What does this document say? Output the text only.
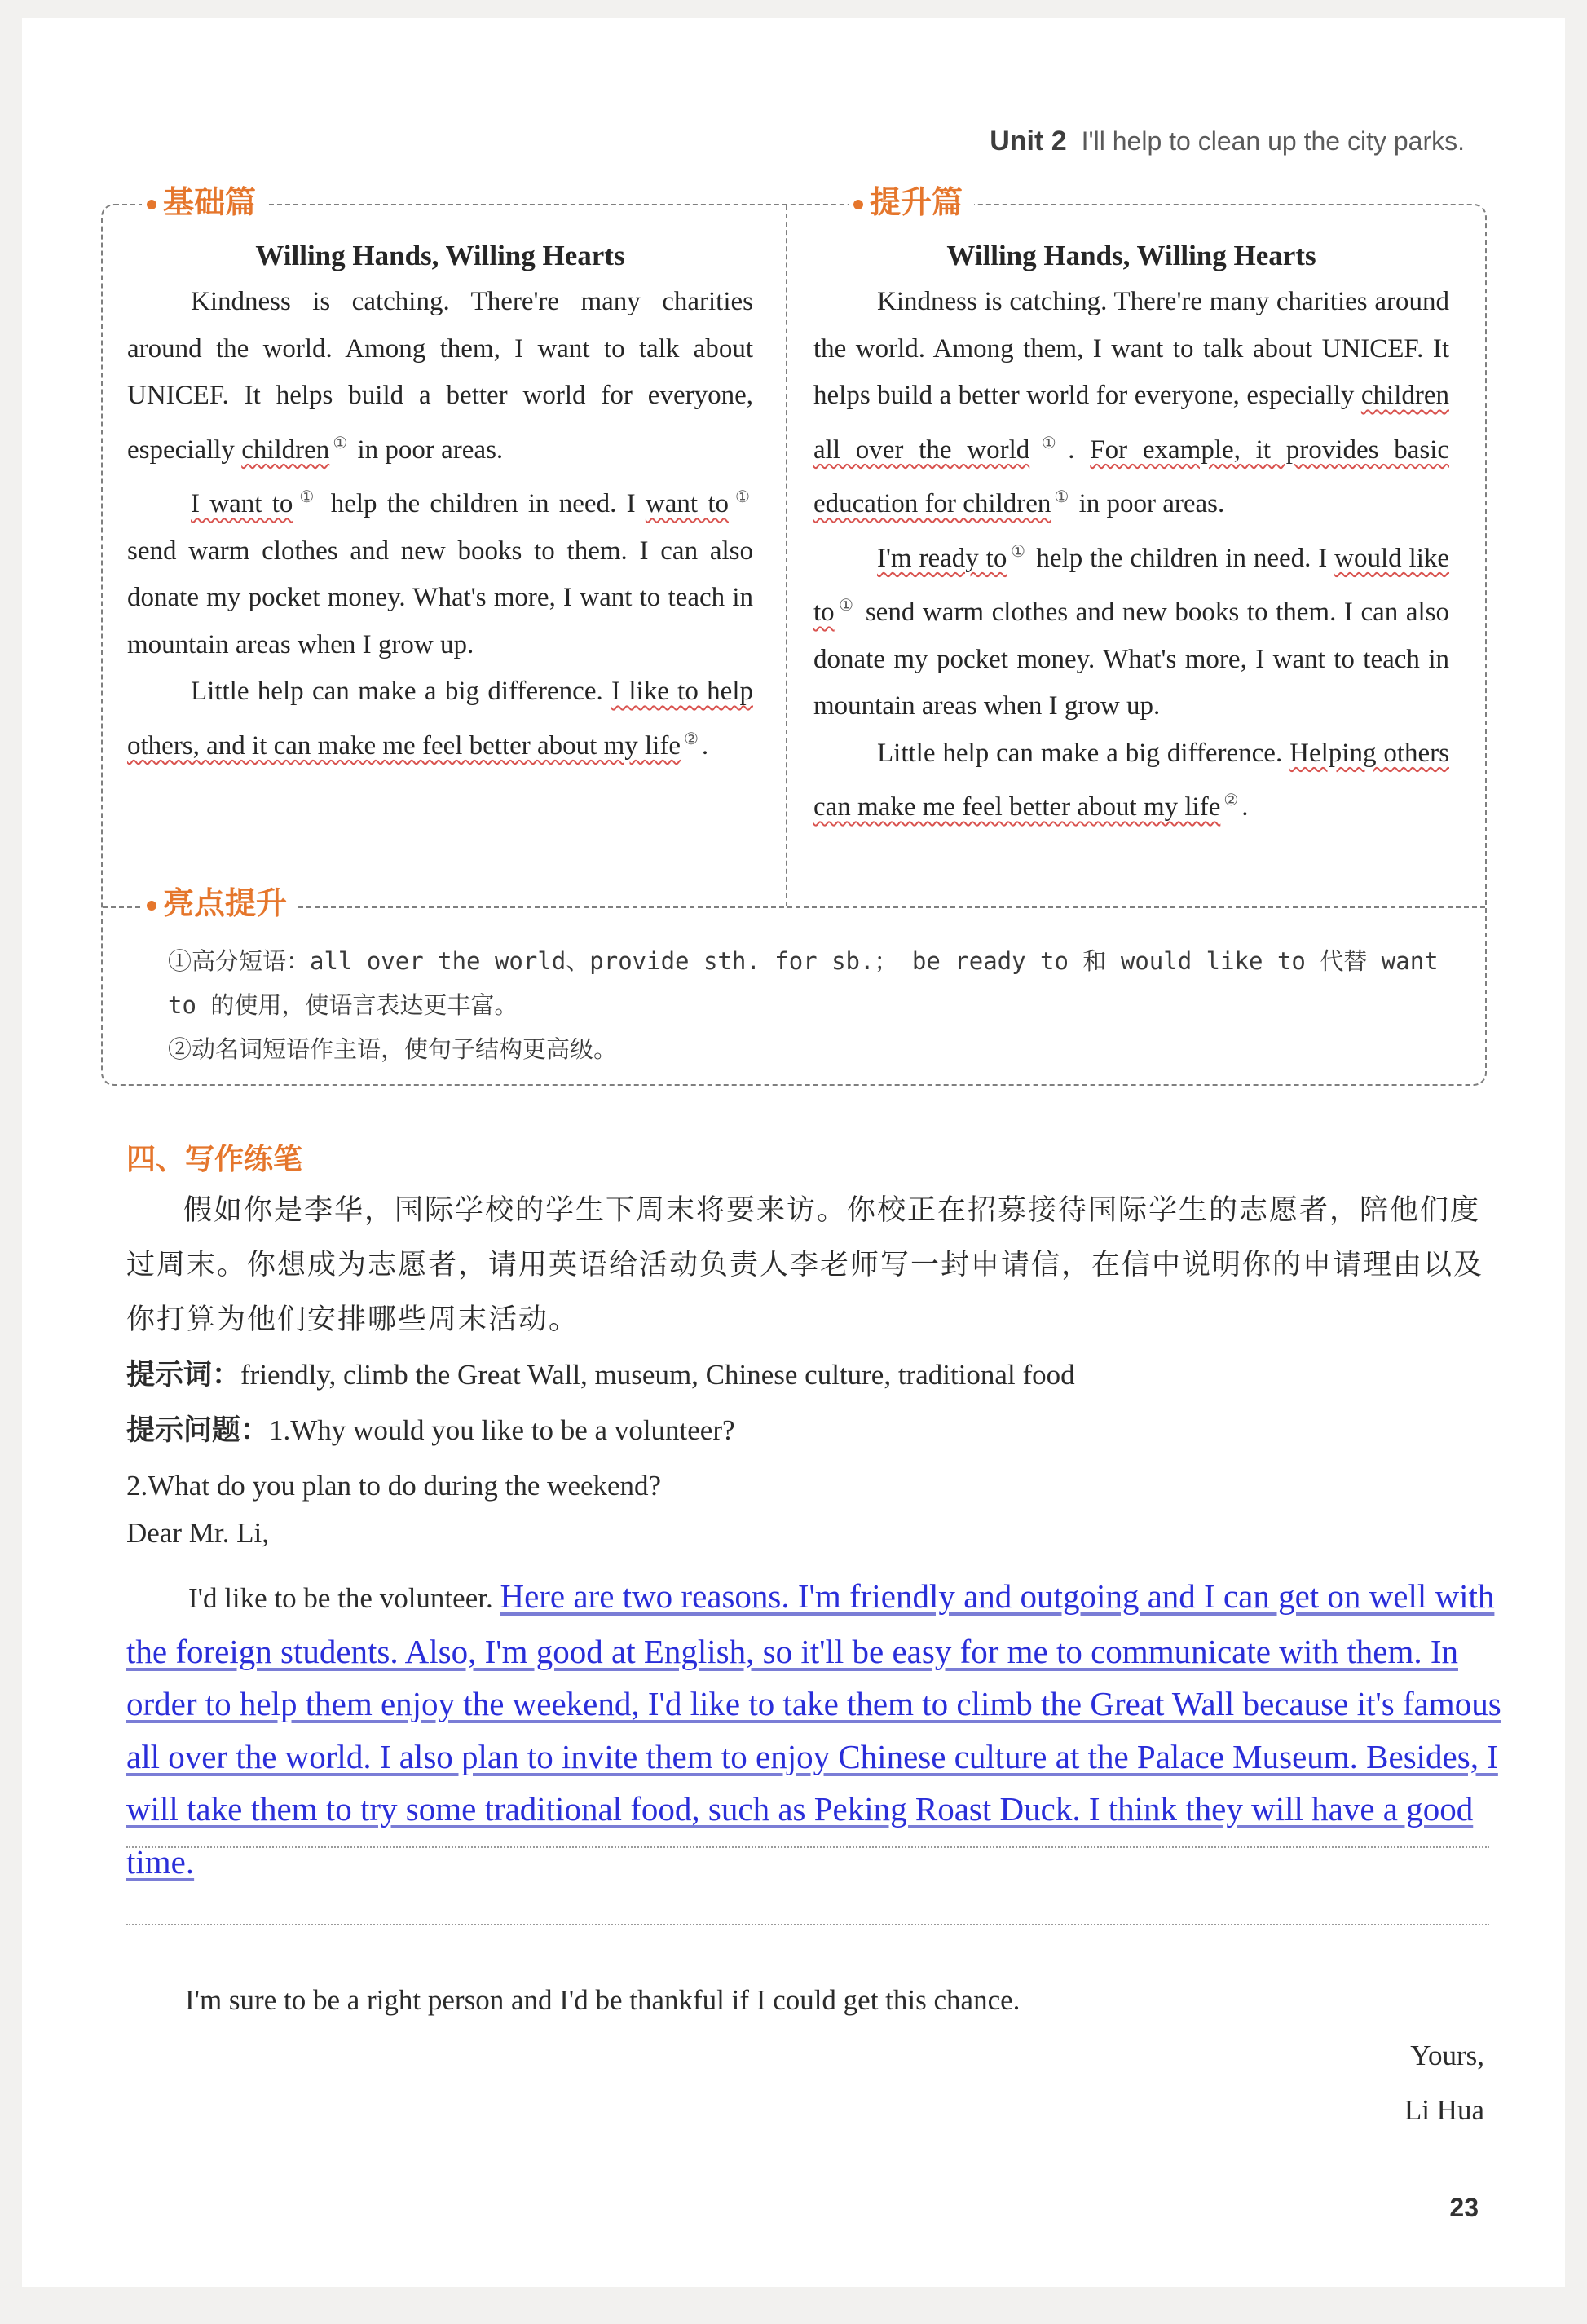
Unit 2 I'll help to clean up the city parks.
基础篇	提升篇
亮点提升
Willing Hands, Willing Hearts

Kindness is catching. There're many charities around the world. Among them, I want to talk about UNICEF. It helps build a better world for everyone, especially children ① in poor areas.

I want to ① help the children in need. I want to ① send warm clothes and new books to them. I can also donate my pocket money. What's more, I want to teach in mountain areas when I grow up.

Little help can make a big difference. I like to help others, and it can make me feel better about my life ② .

Willing Hands, Willing Hearts

Kindness is catching. There're many charities around the world. Among them, I want to talk about UNICEF. It helps build a better world for everyone, especially children all over the world ① . For example, it provides basic education for children ① in poor areas.

I'm ready to ① help the children in need. I would like to ① send warm clothes and new books to them. I can also donate my pocket money. What's more, I want to teach in mountain areas when I grow up.

Little help can make a big difference. Helping others can make me feel better about my life ② .

①高分短语：all over the world、provide sth. for sb.； be ready to 和 would like to 代替 want to 的使用，使语言表达更丰富。

②动名词短语作主语，使句子结构更高级。

四、写作练笔

假如你是李华，国际学校的学生下周末将要来访。你校正在招募接待国际学生的志愿者，陪他们度过周末。你想成为志愿者，请用英语给活动负责人李老师写一封申请信，在信中说明你的申请理由以及你打算为他们安排哪些周末活动。

提示词：friendly, climb the Great Wall, museum, Chinese culture, traditional food

提示问题：1.Why would you like to be a volunteer?

2.What do you plan to do during the weekend?

Dear Mr. Li,

I'd like to be the volunteer. Here are two reasons. I'm friendly and outgoing and I can get on well with the foreign students. Also, I'm good at English, so it'll be easy for me to communicate with them. In order to help them enjoy the weekend, I'd like to take them to climb the Great Wall because it's famous all over the world. I also plan to invite them to enjoy Chinese culture at the Palace Museum. Besides, I will take them to try some traditional food, such as Peking Roast Duck. I think they will have a good time.

I'm sure to be a right person and I'd be thankful if I could get this chance.
Yours,
Li Hua
23
